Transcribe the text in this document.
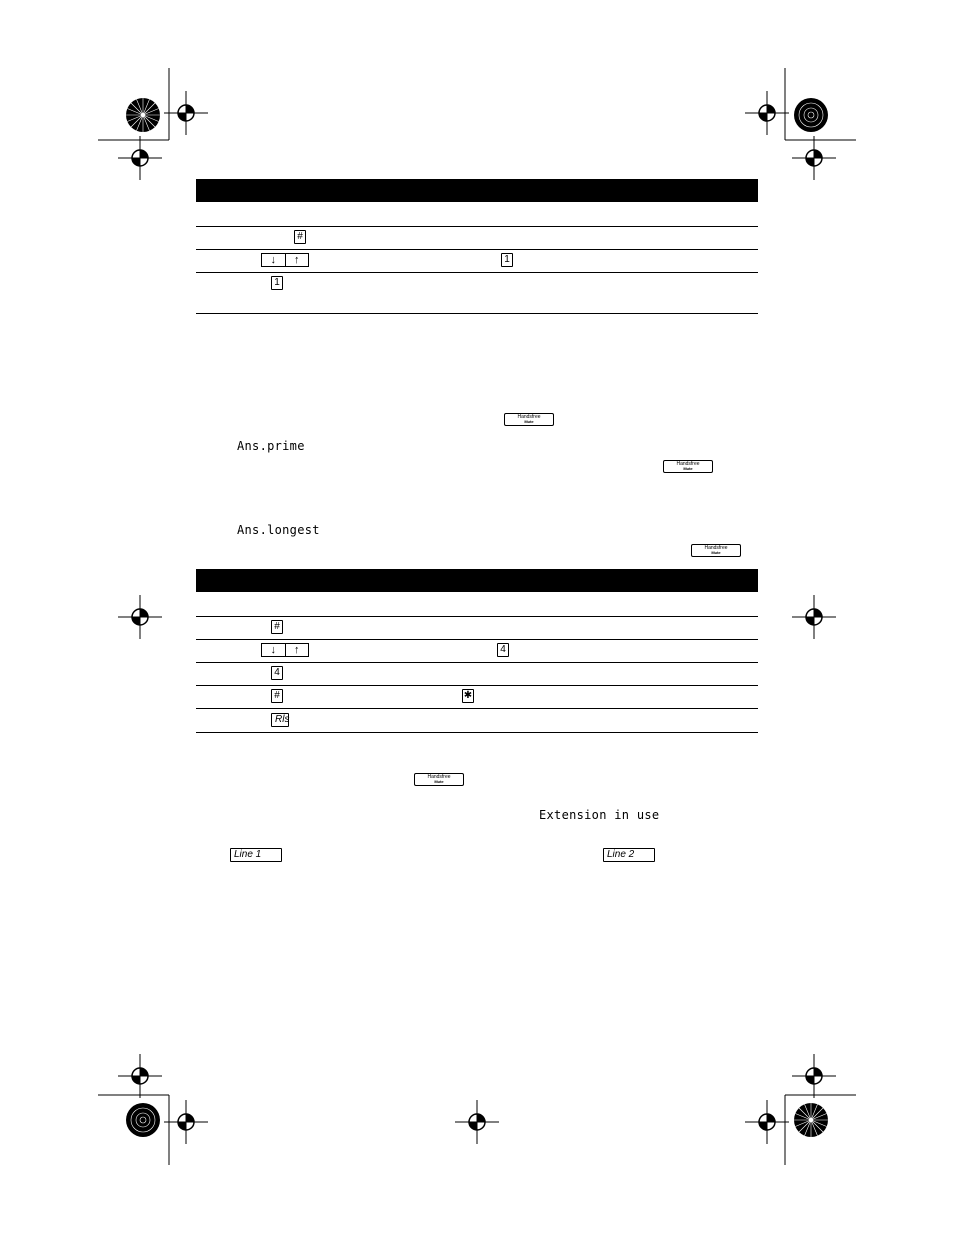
#
↓	↑	1
1
Handsfree
Mute
Ans.prime
Handsfree
Mute
Ans.longest
Handsfree
Mute
#
↓	↑	4
4
#	✱
Rls
Handsfree
Mute
Extension in use
Line 1	Line 2
